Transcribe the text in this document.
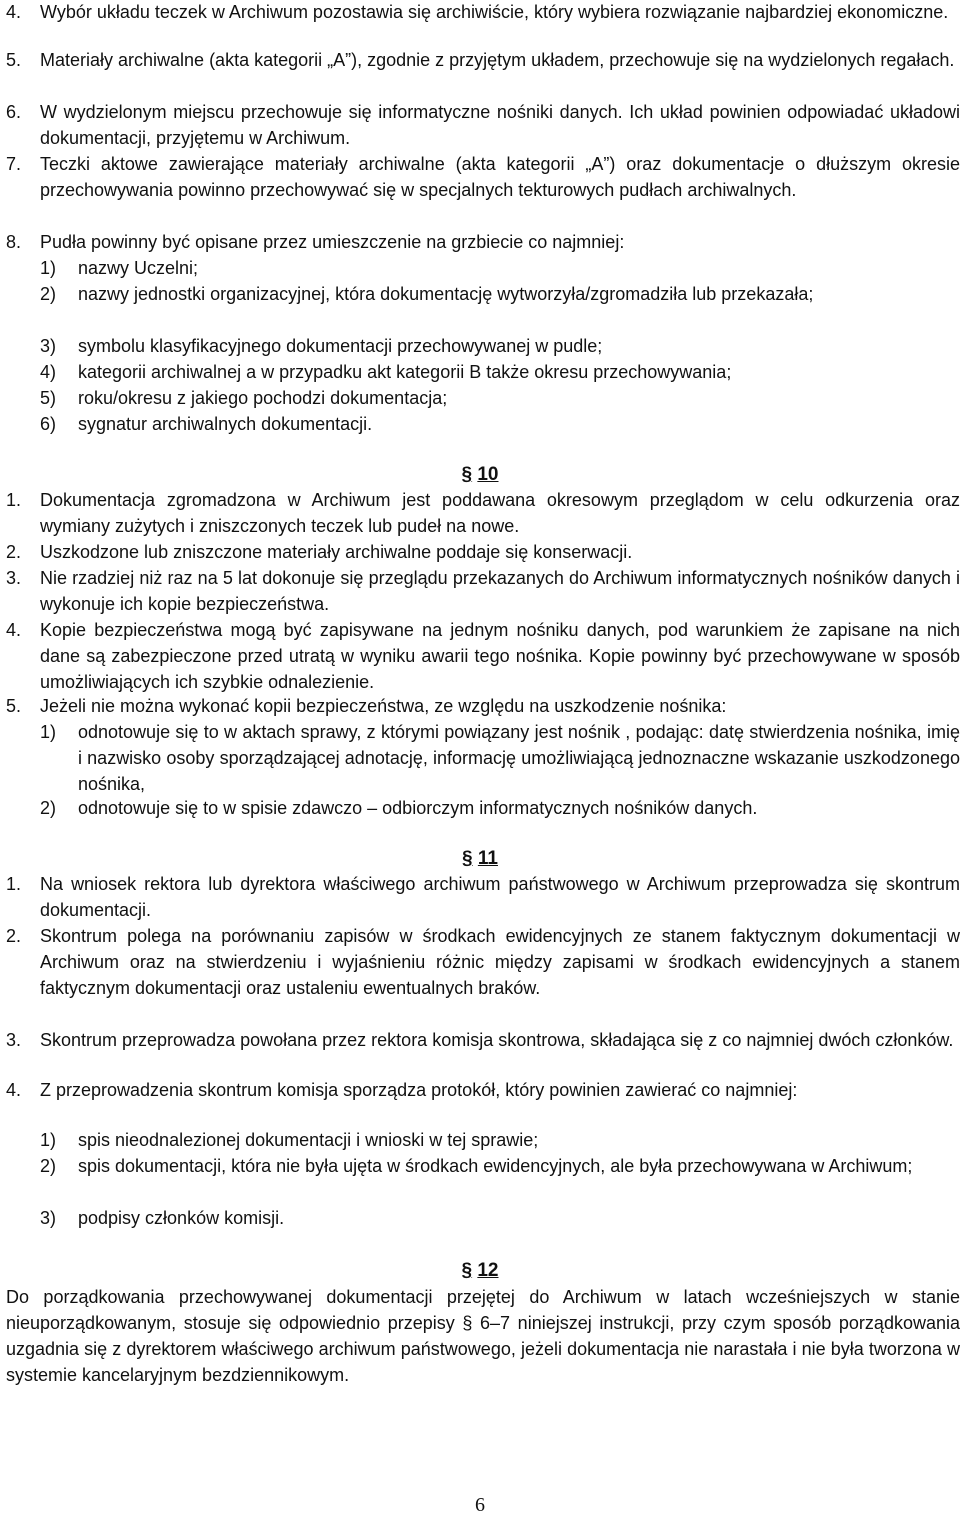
4. Wybór układu teczek w Archiwum pozostawia się archiwiście, który wybiera rozwiązanie najbardziej ekonomiczne.
5. Materiały archiwalne (akta kategorii „A”), zgodnie z przyjętym układem, przechowuje się na wydzielonych regałach.
6. W wydzielonym miejscu przechowuje się informatyczne nośniki danych. Ich układ powinien odpowiadać układowi dokumentacji, przyjętemu w Archiwum.
7. Teczki aktowe zawierające materiały archiwalne (akta kategorii „A”) oraz dokumentacje o dłuższym okresie przechowywania powinno przechowywać się w specjalnych tekturowych pudłach archiwalnych.
8. Pudła powinny być opisane przez umieszczenie na grzbiecie co najmniej:
1) nazwy Uczelni;
2) nazwy jednostki organizacyjnej, która dokumentację wytworzyła/zgromadziła lub przekazała;
3) symbolu klasyfikacyjnego dokumentacji przechowywanej w pudle;
4) kategorii archiwalnej a w przypadku akt kategorii B także okresu przechowywania;
5) roku/okresu z jakiego pochodzi dokumentacja;
6) sygnatur archiwalnych dokumentacji.
§ 10
1. Dokumentacja zgromadzona w Archiwum jest poddawana okresowym przeglądom w celu odkurzenia oraz wymiany zużytych i zniszczonych teczek lub pudeł na nowe.
2. Uszkodzone lub zniszczone materiały archiwalne poddaje się konserwacji.
3. Nie rzadziej niż raz na 5 lat dokonuje się przeglądu przekazanych do Archiwum informatycznych nośników danych i wykonuje ich kopie bezpieczeństwa.
4. Kopie bezpieczeństwa mogą być zapisywane na jednym nośniku danych, pod warunkiem że zapisane na nich dane są zabezpieczone przed utratą w wyniku awarii tego nośnika. Kopie powinny być przechowywane w sposób umożliwiających ich szybkie odnalezienie.
5. Jeżeli nie można wykonać kopii bezpieczeństwa, ze względu na uszkodzenie nośnika:
1) odnotowuje się to w aktach sprawy, z którymi powiązany jest nośnik , podając: datę stwierdzenia nośnika, imię i nazwisko osoby sporządzającej adnotację, informację umożliwiającą jednoznaczne wskazanie uszkodzonego nośnika,
2) odnotowuje się to w spisie zdawczo – odbiorczym informatycznych nośników danych.
§ 11
1. Na wniosek rektora lub dyrektora właściwego archiwum państwowego w Archiwum przeprowadza się skontrum dokumentacji.
2. Skontrum polega na porównaniu zapisów w środkach ewidencyjnych ze stanem faktycznym dokumentacji w Archiwum oraz na stwierdzeniu i wyjaśnieniu różnic między zapisami w środkach ewidencyjnych a stanem faktycznym dokumentacji oraz ustaleniu ewentualnych braków.
3. Skontrum przeprowadza powołana przez rektora komisja skontrowa, składająca się z co najmniej dwóch członków.
4. Z przeprowadzenia skontrum komisja sporządza protokół, który powinien zawierać co najmniej:
1) spis nieodnalezionej dokumentacji i wnioski w tej sprawie;
2) spis dokumentacji, która nie była ujęta w środkach ewidencyjnych, ale była przechowywana w Archiwum;
3) podpisy członków komisji.
§ 12
Do porządkowania przechowywanej dokumentacji przejętej do Archiwum w latach wcześniejszych w stanie nieuporządkowanym, stosuje się odpowiednio przepisy § 6–7 niniejszej instrukcji, przy czym sposób porządkowania uzgadnia się z dyrektorem właściwego archiwum państwowego, jeżeli dokumentacja nie narastała i nie była tworzona w systemie kancelaryjnym bezdziennikowym.
6
